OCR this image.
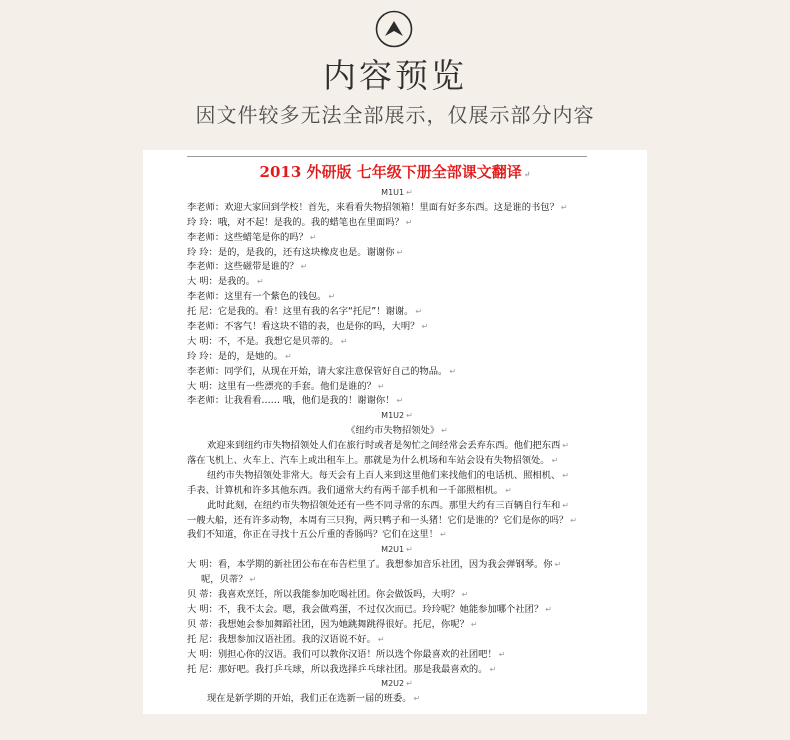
内容预览
因文件较多无法全部展示，仅展示部分内容
2013 外研版 七年级下册全部课文翻译 ↵
M1U1 ↵
李老师：欢迎大家回到学校！首先，来看看失物招领箱！里面有好多东西。这是谁的书包？ ↵
玲 玲：哦，对不起！是我的。我的蜡笔也在里面吗？ ↵
李老师：这些蜡笔是你的吗？ ↵
玲 玲：是的，是我的，还有这块橡皮也是。谢谢你 ↵
李老师：这些磁带是谁的？ ↵
大 明：是我的。 ↵
李老师：这里有一个紫色的钱包。 ↵
托 尼：它是我的。看！这里有我的名字“托尼”！谢谢。 ↵
李老师：不客气！看这块不错的表，也是你的吗，大明？ ↵
大 明：不，不是。我想它是贝蒂的。 ↵
玲 玲：是的，是她的。 ↵
李老师：同学们，从现在开始，请大家注意保管好自己的物品。 ↵
大 明：这里有一些漂亮的手套。他们是谁的？ ↵
李老师：让我看看…… 哦，他们是我的！谢谢你！ ↵
M1U2 ↵
《纽约市失物招领处》 ↵
欢迎来到纽约市失物招领处人们在旅行时或者是匆忙之间经常会丢弃东西。他们把东西 ↵
落在飞机上、火车上、汽车上或出租车上。那就是为什么机场和车站会设有失物招领处。 ↵
纽约市失物招领处非常大。每天会有上百人来到这里他们来找他们的电话机、照相机、 ↵
手表、计算机和许多其他东西。我们通常大约有两千部手机和一千部照相机。 ↵
此时此刻，在纽约市失物招领处还有一些不同寻常的东西。那里大约有三百辆自行车和 ↵
一艘大船，还有许多动物，本周有三只狗，两只鸭子和一头猪！它们是谁的？它们是你的吗？ ↵
我们不知道，你正在寻找十五公斤重的香肠吗？它们在这里！ ↵
M2U1 ↵
大 明：看，本学期的新社团公布在布告栏里了。我想参加音乐社团，因为我会弹钢琴。你 ↵
呢，贝蒂？ ↵
贝 蒂：我喜欢烹饪，所以我能参加吃喝社团。你会做饭吗，大明？ ↵
大 明：不，我不太会。嗯，我会做鸡蛋，不过仅次而已。玲玲呢？她能参加哪个社团？ ↵
贝 蒂：我想她会参加舞蹈社团，因为她跳舞跳得很好。托尼，你呢？ ↵
托 尼：我想参加汉语社团。我的汉语说不好。 ↵
大 明：别担心你的汉语。我们可以教你汉语！所以选个你最喜欢的社团吧！ ↵
托 尼：那好吧。我打乒乓球，所以我选择乒乓球社团。那是我最喜欢的。 ↵
M2U2 ↵
现在是新学期的开始，我们正在选新一届的班委。 ↵
